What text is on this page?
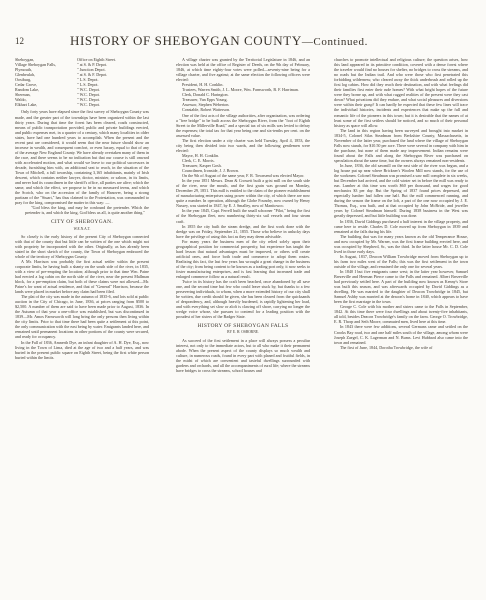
12	HISTORY OF SHEBOYGAN COUNTY—Continued.
Sheboygan,	Office on Eighth Street.
Village Sheboygan Falls,	" at S. & P. Depot.
Plymouth,	" Junction Depot.
Glenbeulah,	" at S. & F. Depot.
Oostburg,	" L.S. Depot.
Cedar Grove,	" L.S. Depot.
Random Lake,	" W.C. Depot.
Sherman,	" W.C. Depot.
Waldo,	" W.C. Depot.
Elkhart Lake,	" W.C. Depot.

Only forty years have elapsed since the first survey of Sheboygan County was made, and the greater part of the townships have been organized within the last thirty years. During that time the forest has been cleared, roads constructed, means of public transportation provided, public and private buildings erected, and public expenses met, in a quarter of a century, which many localities in older states, have had one hundred years to accomplish. When the present and the recent past are considered, it would seem that the near future should show an increase in wealth, and consequent comfort, or even luxury, equal to that of any of the average New England County. We have already overtaken many of them in the race, and there seems to be no indication but that our course is still onward with accelerated motion, and what would we leave to our political successors in decade, furnishing him with, an additional seat to reach, in the situation of the Town of Mitchell, a full township, containing 3,165 inhabitants, mainly of Irish descent, which contains neither lawyer, doctor, minister, or saloon, in its limits, and never had its councilmen in the sheriff's office, all parties are alive; which the same, and which the effect, we propose to be in no measured terms, and which the Scotch, who on the accession of the family of Hanover, being a strong partizan of the "Stuart," has thus claimed to the Protestation, was commanded to pray for the king, compromised the matter in this way: —

"God bless the king, and may he confound the pretender. Which the pretender is, and which the king, God bless us all, is quite another thing."

CITY OF SHEBOYGAN.
W.E.N.A.T.

So closely is the early history of the present City of Sheboygan connected with that of the county that but little can be written of the one which might not with propriety be incorporated with the other. Originally, as has already been stated in the short sketch of the county, the Town of Sheboygan embraced the whole of the territory of Sheboygan County.

A Mr. Harrison was probably the first actual settler within the present corporate limits, he having built a shanty on the south side of the river, in 1835, with a view of pre-empting the location; although prior to that time Wm. Paine had erected a log cabin on the north side of the river, near the present Mallman block, for a pre-emption claim, but both of these claims were not allowed—Mr. Paine's for want of actual residence, and that of "General" Harrison, because the lands were placed in market before any claim had been filed.

The plat of the city was made in the autumn of 1835-6, and lots sold at public auction in the City of Chicago, in June, 1836, at prices ranging from $500 to $2,500. A number of them are said to have been made prior to August, 1836. In the Autumn of that year a one-office was established, but was discontinued in 1839—Mr. Amos Farnsworth will long bring the only persons then living within the city limits. Prior to that time there had been quite a settlement at this point, the only communication with the east being by water. Emigrants landed here, and remained until permanent locations in other portions of the county were secured, and ready for occupancy.

In the Fall of 1836, Amnerth Dye, an infant daughter of A. H. Dye, Esq., now living in the Town of Lima, died at the age of two and a half years, and was buried in the present public square on Eighth Street, being the first white person buried within the limits.

A village charter was granted by the Territorial Legislature in 1846, and an election was held at the office of Register of Deeds, on the 9th day of February, 1846, at which time eighty-four votes were polled—seventy-nine being for a village charter, and five against; at the same election the following officers were elected:

President, H. H. Conklin.

Trustees, Warren Smith, J. L. Moore, Wm. Farnsworth, B. F. Harriman.

Clerk, Donald C. Harington.

Treasurer, Van Epps Young.

Assessor, Stephen Weberton.

Constable, Robert Watterson.

One of the first acts of the village authorities, after organization, was ordering a "free bridge" to be built across the Sheboygan River, from the "foot of Eighth Street to the Millerville Road," and a special tax of six mills was levied to defray the expenses; the total tax for that year being one and six-tenths per cent. on the assessed value.

The first election under a city charter was held Tuesday, April 4, 1853, the city being then divided into two wards, and the following gentlemen were elected:

Mayor, H. H. Conklin.

Clerk, C. E. Morris.

Treasurer, Kasper Gosh.

Councilmen, Ironside, J. J. Brown.

On the 9th of August of the same year, F. R. Townsend was elected Mayor.

In the year 1851 Messrs. Dean & Crossett built a grist mill on the south side of the river, near the mouth, and the first grain was ground on Monday, December 29, 1851. This mill is entitled to the claim of the pioneer establishment of manufacturing enterprises using power within the city, of which there are now quite a number. In operation, although the Globe Foundry, now owned by Henry Nussey, was started in 1847, by E. J. Smalley, now of Manitowoc.

In the year 1845, Capt. Ferrell built the small schooner "Pilot," being the first of the Sheboygan fleet, now numbering thirty-six sail vessels and four steam craft.

In 1855 the city built the steam dredge, and the first work done with the dredge was on Friday, September 21, 1855. Those who believe in unlucky days have the privilege of using this fact as they may deem advisable.

For many years the business men of the city relied solely upon their geographical position for commercial prosperity, but experience has taught the hard lesson that natural advantages must be improved, or others will create artificial ones, and force both trade and commerce to adopt them routes. Realizing this fact, the last few years has wrought a great change in the business of the city; from being content to be known as a trading port only, it now seeks to foster manufacturing enterprises, and is fast learning that increased trade and enlarged commerce follow as a natural result.

Twice in its history has the craft been beached, once abandoned by all save one, and the second time but few who could leave stuck by, but thanks to a few persevering individuals, to whom, when a more extended history of our city shall be written, due credit should be given, she has been cleared from the quicksands of despondency, and, although heavily burdened, is rapidly lightening her load, and with everything set slow or aloft is clawing off shore, carrying no longer the wedge voice whose, she pursues to contend for a leading position with the proudest of her sisters of the Badger State.

HISTORY OF SHEBOYGAN FALLS
BY E. H. OSBORNE.

As succeed of the first settlement in a place will always possess a peculiar interest, not only to the immediate actors, but to all who make it their permanent abode. When the present aspect of the county displays so much wealth and culture, in numerous roads, found in every part with planed and fruitful fields, in the midst of which are convenient and tasteful dwellings surrounded with gardens and orchards, and all the accompaniments of rural life; where the streams have bridges to cross the streams, school houses and

churches to promote intellectual and religious culture; the question arises, how this land appeared in its primitive condition, covered with a dense forest where the traveler would find no houses for shelter, no bridges to cross the streams, and no roads but the Indian trail. And who were those who first penetrated this forbidding wilderness; who cleared away the thick underbrush and rolled up the first log cabins. How did they reach their destination, and with what feelings did their families first enter their rude homes? With what bright hopes of the future were they borne up, and with what rugged realities of the present were they cast down? What privations did they endure, and what social pleasures and diversions were within their grasp? It can hardly be expected that these few lines will trace the individual histories, incidents and experiences that make up the full and romantic life of the pioneers in this town; but it is desirable that the names of at least some of the first settlers should be noticed, and so much of their personal history as space will allow.

The land in this region having been surveyed and brought into market in 1834-5, Colonel Silas Steadman from Berkshire County, Massachusetts, in November of the latter year, purchased the land where the village of Sheboygan Falls now stands, for $10.50 per acre. There were several in company with him in the purchase, but none of them made any improvement. Indian remains were found about the Falls and along the Sheboygan River was purchased on speculation about the same time, but the owners always remained non-residents.

In June, 1836, the old sawmill on the east side of the river was begun, and a log house put up near where Brickner's Woolen Mill now stands, for the use of the workmen. Colonel Steadman was promised a saw mill complete in six weeks, but December had arrived, and the cold winter set in before the mill was ready to run. Lumber at this time was worth $60 per thousand, and wages for good mechanics $3 per day. But the Spring of 1837 found prices depressed, and especially lumber had fallen one half. But the mill commenced running, and during the season the frame on the loft, a part of the one now occupied by J. E. Thomas, Esq., was built, and at that occupied by John McBride, and jeweller years by Colonel Steadman himself. During 1838 business in the West was greatly depressed, and but little building was done.

In 1836, David Giddings purchased a half interest in the village property, and came here to reside. Charles D. Cole moved up from Sheboygan in 1839 and remained at the falls during his life.

The building that was for many years known as the old Temperance House, and now occupied by Mr. Warner, was the first frame building erected here, and was occupied by Shepherd, Sr., was the third. In the latter house Mr. C. D. Cole lived in those early days.

In August, 1837, Deacon William Trowbridge moved from Sheboygan up to his farm two miles west of the Falls; this was the first settlement in the town outside of the village, and remained the only one for several years.

In 1840 I but five emigrants came west; in the latter year however, Samuel Brezeville and Herman Pierce came to the Falls and remained. Albert Brezeville had previously settled here. A part of the building now known as Kenny's Store was built this season, and was afterwards occupied by David Giddings as a dwelling. He was married to the daughter of Deacon Trowbridge in 1845, but Samuel Ashby was married at the deacon's home in 1840, which appears to have been the first marriage in the town.

George C. Cole with his mother and sisters came to the Falls in September, 1842. At this time there were four dwellings and about twenty-five inhabitants, all told, besides Deacon Trowbridge's family on the farm. George O. Trowbridge, E. R. Thorp and Seth Moore, commuted men, lived here at this time.

In 1843 there were few additions, several Germans came and settled on the Crooks Bay road, two and one half miles south of the village, among whom were Joseph Zaegel, C. K. Lagerman and N. Bums. Levi Hubbard also came into the town and remained.

The first of June, 1844, Dorotha Trowbridge, the wife of
